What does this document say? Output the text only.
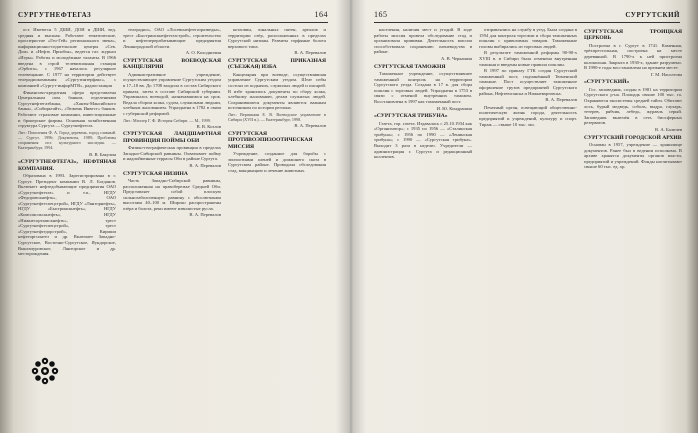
СУРГУТНЕФТЕГАЗ	164

ост. Имеются 5 ДШИ, ДОИ и ДШИ, вед. средняя и высшая. Работают тематические, просперистие «Гео-Гей» регионального звена», информационно-издательские центры «Сев. Дом» и «Нефть Приобья», ведется газ. журнал «Игры». Работы и молодёжные таланты. В 1966 введена в строй телевизионная станция «Орбита», с 1967 началось регулярное телевещание. С 1977 на территории действует телерадиокомпания «Сургутинтерфакс», с компанией «Сургут-инфорМТВ», радиостанция

Финансово-кредитная сфера представлена Центральным пом. банком, отделениями Сургутнефтегазбанка, «Ханты-Мансийского банка», «Сибирьтайт», «Тюмень Инвест» банков. Работают страховые компании, инвестиционные и брокерские фирмы. Основная хозяйственная структура Сургута — Сургутнефтегаз.

Лит.: Поколения Ф. А. Город деревень, город славный. — Сургут, 1996; Документы, 1989; Проблемы сохранения ист. культурного наследия. — Екатеринбург, 1994.

В. В. Бакулин

«СУРГУТНЕФТЕГАЗ», НЕФТЯНАЯ КОМПАНИЯ.

Образована в 1993. Зарегистрирована в г. Сургут. Президент компании В. Л. Богданов. Включает нефтедобывающие предприятия ОАО «Сургутнефтегаз» и т.п., НГДУ «Федоровскнефть», ОАО «Сургутнефтеспецстрой», НГДУ «Лянторнефть», НГДУ «Быстринскнефть», НГДУ «Комсомольскнефть», НГДУ «Нижнесортымскнефть», трест «Сургутнефтеспецстрой», трест «Сургутнефтедорстрой», Кириши нефтеоргсинтез и др. Включает Западно-Сургутское, Восточно-Сургутское, Яундорское, Вынгапуровское, Лянторское и др. месторождения.

телерадио», ОАО «Лосевонефтегазразведка», трест «Быстринскнефтегазстрой», строительство и нефтеперерабатывающие предприятия Ленинградской области.

А. О. Колодничин

СУРГУТСКАЯ ВОЕВОДСКАЯ КАНЦЕЛЯРИЯ

Административное учреждение, осуществляющее управление Сургутским уездом в 17–18 вв. До 1708 входила в состав Сибирского приказа, затем в составе Сибирской губернии. Управлялась воеводой, назначавшимся на срок. Ведала сбором ясака, судом, служилыми людьми, хлебным жалованием. Упразднена в 1782 в связи с губернской реформой.

Лит.: Миллер Г. Ф. История Сибири. — М., 1999.

В. В. Козлов

СУРГУТСКАЯ ЛАНДШАФТНАЯ ПРОВИНЦИЯ ПОЙМЫ ОБИ

Физико-географическая провинция в пределах Западно-Сибирской равнины. Охватывает пойму и надпойменные террасы Оби в районе Сургута.

В. А. Перевалов

СУРГУТСКАЯ НИЗИНА

Часть Западно-Сибирской равнины, расположенная на правобережье Средней Оби. Представляет собой плоскую сильнозаболоченную равнину с абсолютными высотами 40–100 м. Широко распространены озёра и болота, реки имеют извилистые русла.

В. А. Перевалов

котловин, зональных пятен, ареалов и территории озёр, расположенных в пределах Сургутской низины. Развиты торфяные болота верхового типа.

В. А. Перевалов

СУРГУТСКАЯ ПРИКАЗНАЯ (СЪЕЗЖАЯ) ИЗБА

Канцелярия при воеводе, осуществлявшая управление Сургутским уездом. Штат избы состоял из подьячих, служилых людей и писарей. В избе хранились документы по сбору ясака, хлебному жалованию, делам служилых людей. Сохранившиеся документы являются важным источником по истории региона.

Лит.: Вершинин Е. В. Воеводское управление в Сибири (XVII в.). — Екатеринбург, 1998.

В. А. Перевалов

СУРГУТСКАЯ ПРОТИВОЭПИЗООТИЧЕСКАЯ МИССИЯ

Учреждение, созданное для борьбы с эпизоотиями оленей и домашнего скота в Сургутском районе. Проводила обследования стад, вакцинацию и лечение животных.

165	СУРГУТСКИЙ

населения, наличия мест и угодий. В ходе работы миссия провела обследование стад и организовала прививки. Деятельность миссии способствовала сохранению оленеводства в районе.

А. В. Черкашин

СУРГУТСКАЯ ТАМОЖНЯ

Таможенное учреждение, осуществлявшее таможенный контроль на территории Сургутского уезда. Создана в 17 в. для сбора пошлин с торговых людей. Упразднена в 1753 в связи с отменой внутренних таможен. Восстановлена в 1997 как таможенный пост.

И. Ю. Кондрашин

«СУРГУТСКАЯ ТРИБУНА»

Газета, гор. газета. Издавалась с 25.10.1934 как «Организатор»; с 1935 по 1956 — «Сталинская трибуна»; с 1956 по 1990 — «Ленинская трибуна»; с 1990 — «Сургутская трибуна». Выходит 3 раза в неделю. Учредители — администрация г. Сургута и редакционный коллектив.

отправлялись на службу в уезд. Была создана в 1594 для контроля торговли и сбора таможенных пошлин с привозимых товаров. Таможенные головы выбирались из торговых людей.

В результате таможенной реформы 90-90-х XVIII в. в Сибири была отменена внутренняя таможня и введены новые правила пошлин.

В 1997 по приказу ГТК создан Сургутский таможенный пост, подчинённый Тюменской таможне. Пост осуществляет таможенное оформление грузов предприятий Сургутского района, Нефтеюганска и Нижневартовска.

В. А. Перевалов

Печатный орган, освещающий общественно-политическую жизнь города, деятельность предприятий и учреждений, культуру и спорт. Тираж — свыше 10 тыс. экз.

СУРГУТСКАЯ ТРОИЦКАЯ ЦЕРКОВЬ

Построена в г. Сургут в 1741. Каменная, трёхпрестольная, построена на месте деревянной. В 1790-х к ней пристроена колокольня. Закрыта в 1930-х, здание разрушено. В 1990-е годы восстановлена на прежнем месте.

Г. М. Насолтова

«СУРГУТСКИЙ»

Гос. заповедник, создан в 1981 на территории Сургутского р-на. Площадь свыше 100 тыс. га. Охраняются экосистемы средней тайги. Обитают лось, бурый медведь, соболь, выдра, глухарь, тетерев, рябчик, лебедь, журавль серый. Заповедник включён в сеть биосферных резерватов.

В. А. Баличев

СУРГУТСКИЙ ГОРОДСКОЙ АРХИВ

Основан в 1957, учреждение — хранилище документов. Ранее был в ведении исполкома. В архиве хранятся документы органов власти, предприятий и учреждений. Фонды насчитывают свыше 60 тыс. ед. хр.
